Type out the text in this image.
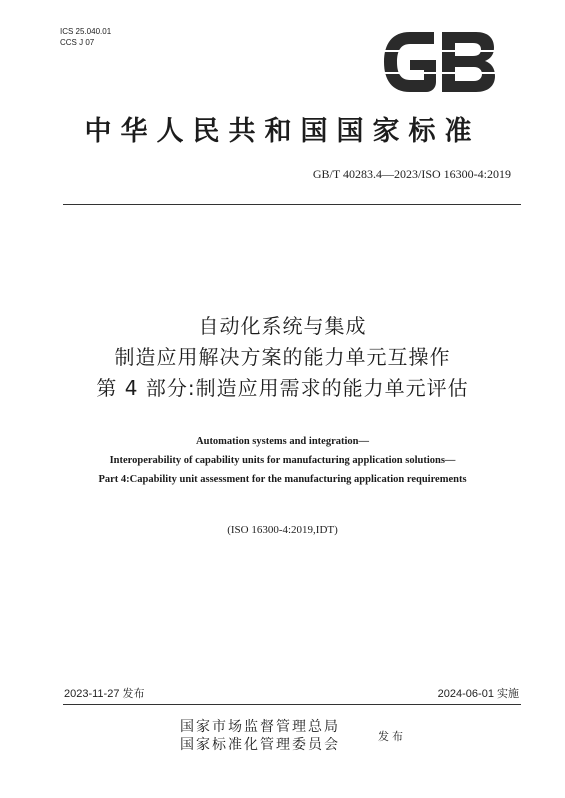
ICS 25.040.01
CCS J 07
中华人民共和国国家标准
GB/T 40283.4—2023/ISO 16300-4:2019
自动化系统与集成
制造应用解决方案的能力单元互操作
第 4 部分:制造应用需求的能力单元评估
Automation systems and integration—
Interoperability of capability units for manufacturing application solutions—
Part 4:Capability unit assessment for the manufacturing application requirements
(ISO 16300-4:2019,IDT)
2023-11-27 发布	2024-06-01 实施
国家市场监督管理总局
国家标准化管理委员会
发布
